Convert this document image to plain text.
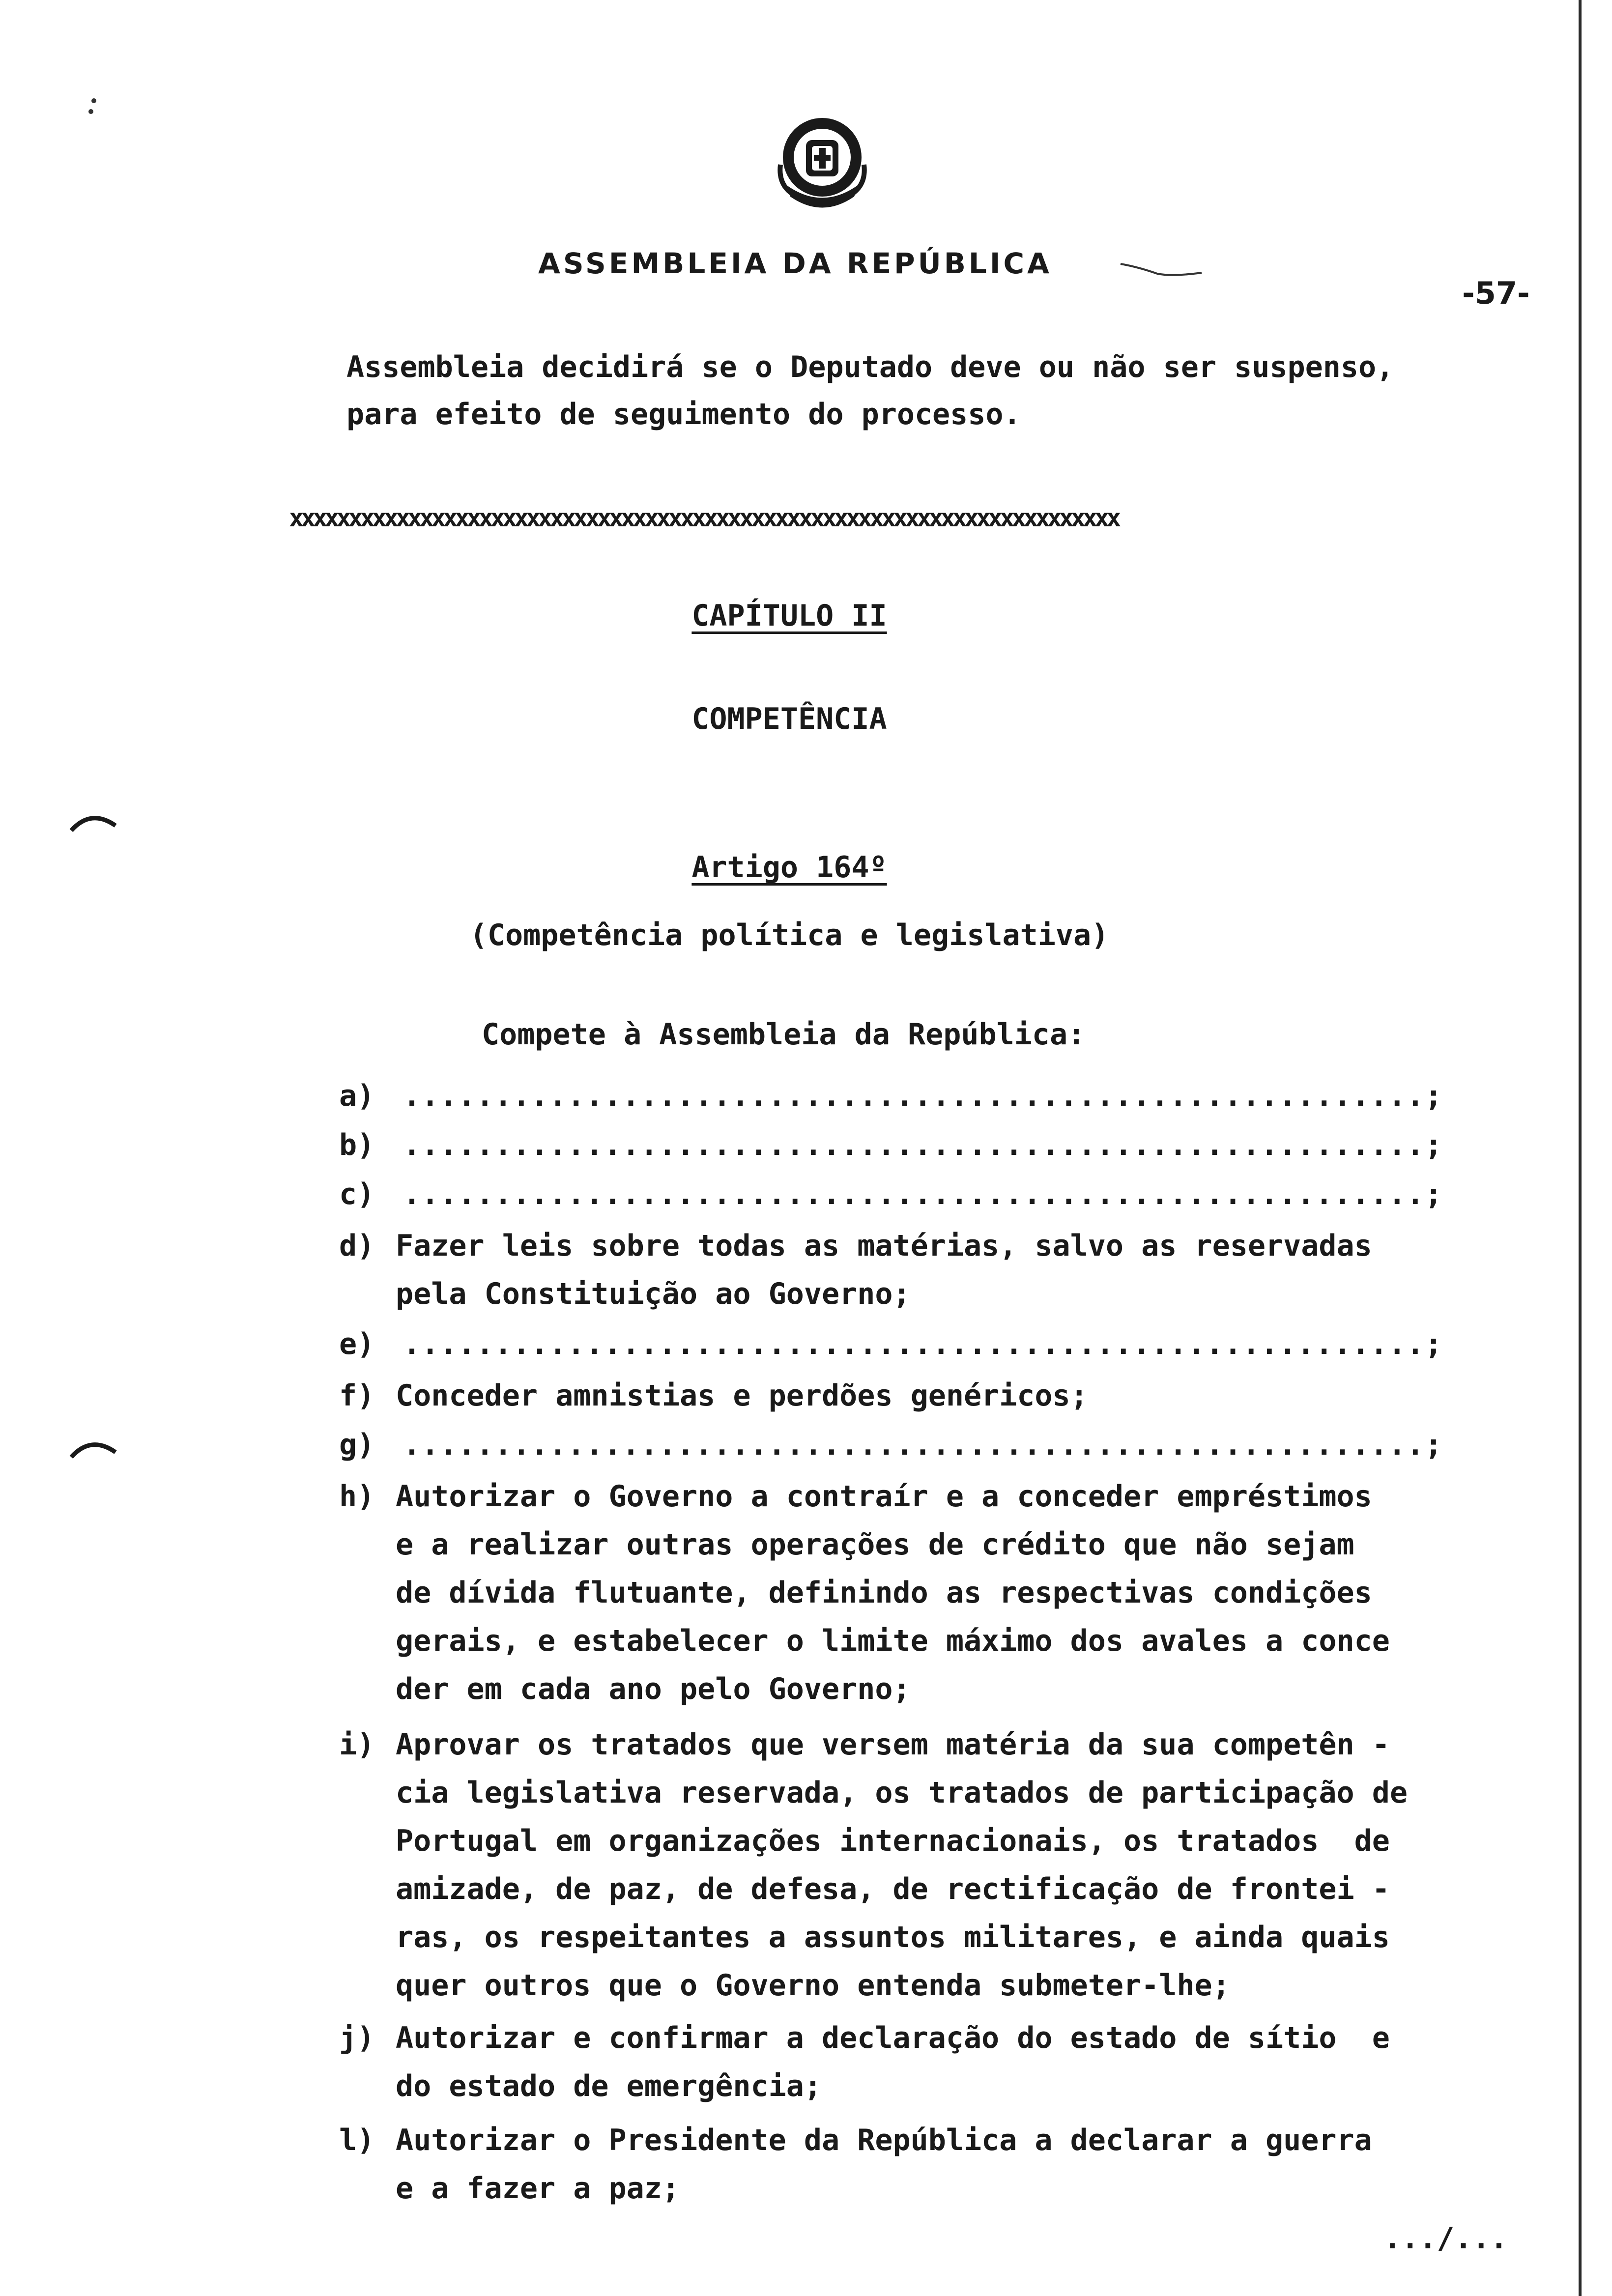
ASSEMBLEIA DA REPÚBLICA
-57-
Assembleia decidirá se o Deputado deve ou não ser suspenso,
para efeito de seguimento do processo.
xxxxxxxxxxxxxxxxxxxxxxxxxxxxxxxxxxxxxxxxxxxxxxxxxxxxxxxxxxxxxxxxxxxxxx
CAPÍTULO II
COMPETÊNCIA
Artigo 164º
(Competência política e legislativa)
Compete à Assembleia da República:
a) ........................................................;
b) ........................................................;
c) ........................................................;
d) Fazer leis sobre todas as matérias, salvo as reservadas
pela Constituição ao Governo;
e) ........................................................;
f) Conceder amnistias e perdões genéricos;
g) ........................................................;
h) Autorizar o Governo a contraír e a conceder empréstimos
e a realizar outras operações de crédito que não sejam
de dívida flutuante, definindo as respectivas condições
gerais, e estabelecer o limite máximo dos avales a conce
der em cada ano pelo Governo;
i) Aprovar os tratados que versem matéria da sua competên -
cia legislativa reservada, os tratados de participação de
Portugal em organizações internacionais, os tratados  de
amizade, de paz, de defesa, de rectificação de frontei -
ras, os respeitantes a assuntos militares, e ainda quais
quer outros que o Governo entenda submeter-lhe;
j) Autorizar e confirmar a declaração do estado de sítio  e
do estado de emergência;
l) Autorizar o Presidente da República a declarar a guerra
e a fazer a paz;
.../...
